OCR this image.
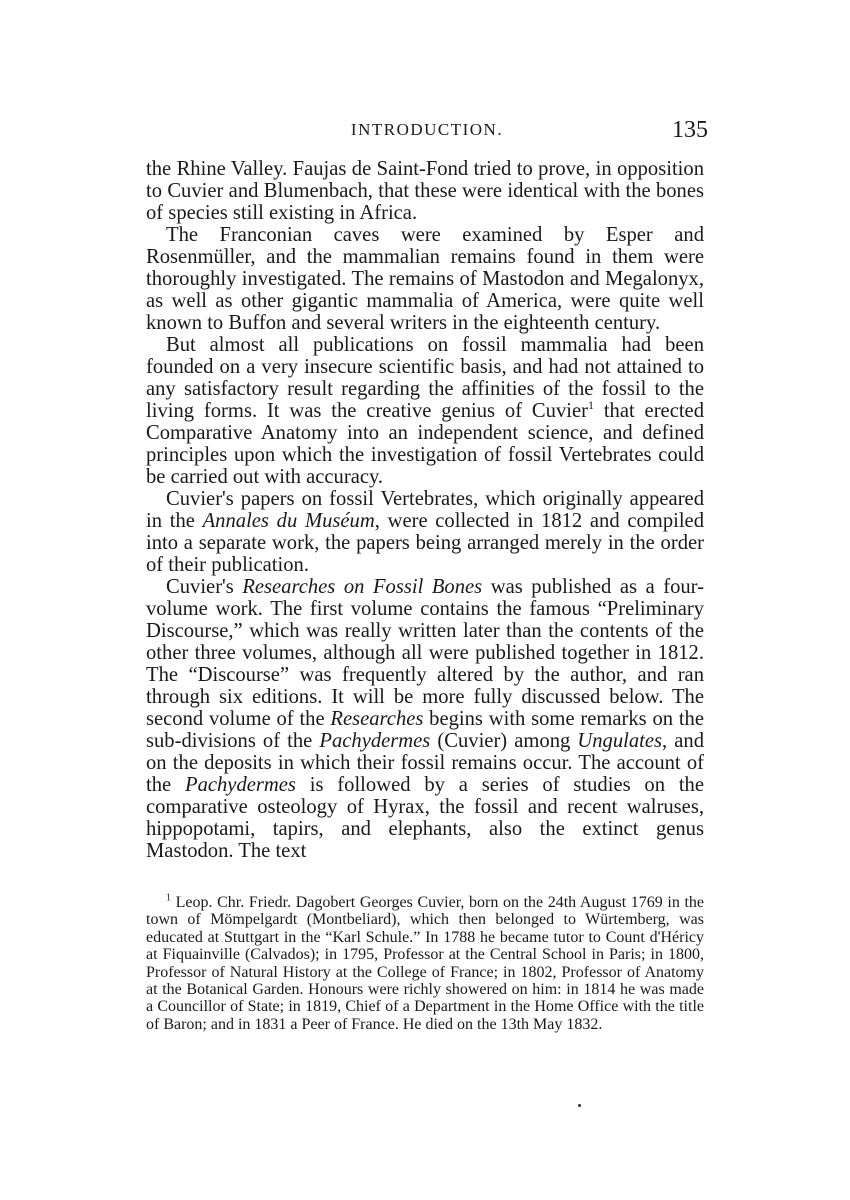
INTRODUCTION.	135

the Rhine Valley. Faujas de Saint-Fond tried to prove, in opposition to Cuvier and Blumenbach, that these were identical with the bones of species still existing in Africa.

The Franconian caves were examined by Esper and Rosenmüller, and the mammalian remains found in them were thoroughly investigated. The remains of Mastodon and Megalonyx, as well as other gigantic mammalia of America, were quite well known to Buffon and several writers in the eighteenth century.

But almost all publications on fossil mammalia had been founded on a very insecure scientific basis, and had not attained to any satisfactory result regarding the affinities of the fossil to the living forms. It was the creative genius of Cuvier$^1$ that erected Comparative Anatomy into an independent science, and defined principles upon which the investigation of fossil Vertebrates could be carried out with accuracy.

Cuvier's papers on fossil Vertebrates, which originally appeared in the Annales du Muséum, were collected in 1812 and compiled into a separate work, the papers being arranged merely in the order of their publication.

Cuvier's Researches on Fossil Bones was published as a four-volume work. The first volume contains the famous “Preliminary Discourse,” which was really written later than the contents of the other three volumes, although all were published together in 1812. The “Discourse” was frequently altered by the author, and ran through six editions. It will be more fully discussed below. The second volume of the Researches begins with some remarks on the sub-divisions of the Pachydermes (Cuvier) among Ungulates, and on the deposits in which their fossil remains occur. The account of the Pachydermes is followed by a series of studies on the comparative osteology of Hyrax, the fossil and recent walruses, hippopotami, tapirs, and elephants, also the extinct genus Mastodon. The text

$^1$ Leop. Chr. Friedr. Dagobert Georges Cuvier, born on the 24th August 1769 in the town of Mömpelgardt (Montbeliard), which then belonged to Würtemberg, was educated at Stuttgart in the “Karl Schule.” In 1788 he became tutor to Count d'Héricy at Fiquainville (Calvados); in 1795, Professor at the Central School in Paris; in 1800, Professor of Natural History at the College of France; in 1802, Professor of Anatomy at the Botanical Garden. Honours were richly showered on him: in 1814 he was made a Councillor of State; in 1819, Chief of a Department in the Home Office with the title of Baron; and in 1831 a Peer of France. He died on the 13th May 1832.
